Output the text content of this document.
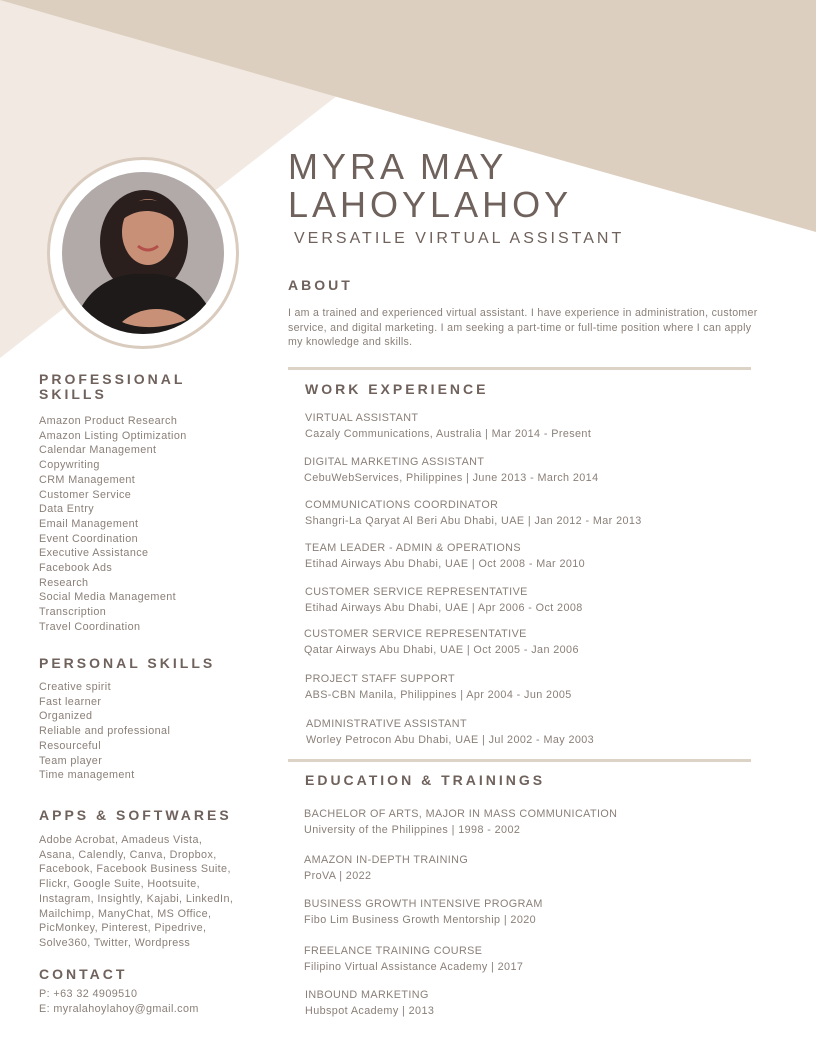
MYRA MAY
LAHOYLAHOY
VERSATILE VIRTUAL ASSISTANT
ABOUT
I am a trained and experienced virtual assistant. I have experience in administration, customer service, and digital marketing. I am seeking a part-time or full-time position where I can apply my knowledge and skills.
PROFESSIONAL
SKILLS
Amazon Product Research
Amazon Listing Optimization
Calendar Management
Copywriting
CRM Management
Customer Service
Data Entry
Email Management
Event Coordination
Executive Assistance
Facebook Ads
Research
Social Media Management
Transcription
Travel Coordination
PERSONAL SKILLS
Creative spirit
Fast learner
Organized
Reliable and professional
Resourceful
Team player
Time management
APPS & SOFTWARES
Adobe Acrobat, Amadeus Vista,
Asana, Calendly, Canva, Dropbox,
Facebook, Facebook Business Suite,
Flickr, Google Suite, Hootsuite,
Instagram, Insightly, Kajabi, LinkedIn,
Mailchimp, ManyChat, MS Office,
PicMonkey, Pinterest, Pipedrive,
Solve360, Twitter, Wordpress
CONTACT
P: +63 32 4909510
E: myralahoylahoy@gmail.com
WORK EXPERIENCE
VIRTUAL ASSISTANT
Cazaly Communications, Australia | Mar 2014 - Present
DIGITAL MARKETING ASSISTANT
CebuWebServices, Philippines | June 2013 - March 2014
COMMUNICATIONS COORDINATOR
Shangri-La Qaryat Al Beri Abu Dhabi, UAE | Jan 2012 - Mar 2013
TEAM LEADER - ADMIN & OPERATIONS
Etihad Airways Abu Dhabi, UAE | Oct 2008 - Mar 2010
CUSTOMER SERVICE REPRESENTATIVE
Etihad Airways Abu Dhabi, UAE | Apr 2006 - Oct 2008
CUSTOMER SERVICE REPRESENTATIVE
Qatar Airways Abu Dhabi, UAE | Oct 2005 - Jan 2006
PROJECT STAFF SUPPORT
ABS-CBN Manila, Philippines | Apr 2004 - Jun 2005
ADMINISTRATIVE ASSISTANT
Worley Petrocon Abu Dhabi, UAE | Jul 2002 - May 2003
EDUCATION & TRAININGS
BACHELOR OF ARTS, MAJOR IN MASS COMMUNICATION
University of the Philippines | 1998 - 2002
AMAZON IN-DEPTH TRAINING
ProVA | 2022
BUSINESS GROWTH INTENSIVE PROGRAM
Fibo Lim Business Growth Mentorship | 2020
FREELANCE TRAINING COURSE
Filipino Virtual Assistance Academy | 2017
INBOUND MARKETING
Hubspot Academy | 2013
